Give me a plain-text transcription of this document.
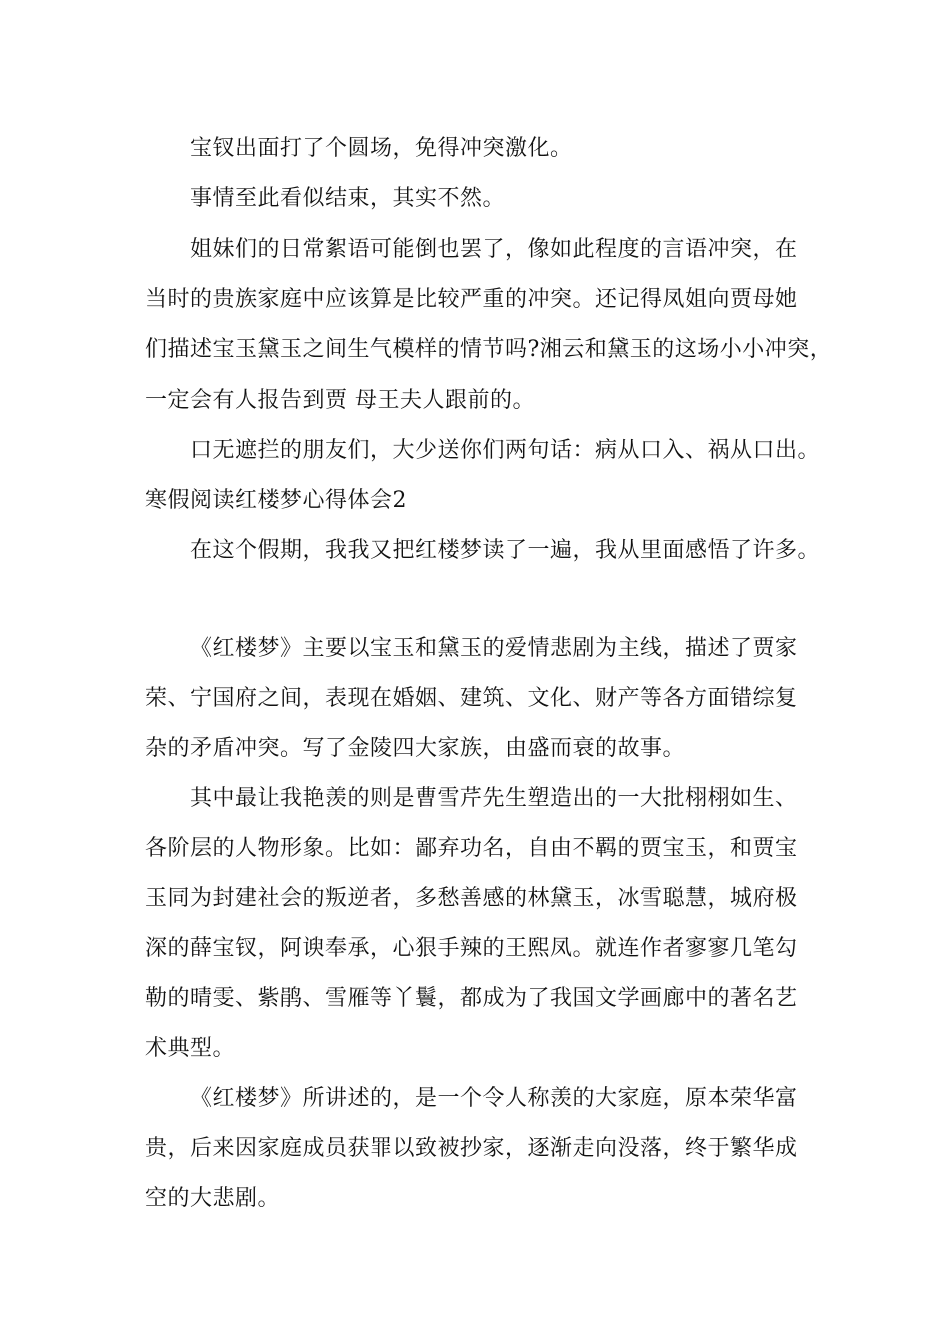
宝钗出面打了个圆场，免得冲突激化。

事情至此看似结束，其实不然。

姐妹们的日常絮语可能倒也罢了，像如此程度的言语冲突，在

当时的贵族家庭中应该算是比较严重的冲突。还记得凤姐向贾母她

们描述宝玉黛玉之间生气模样的情节吗?湘云和黛玉的这场小小冲突，

一定会有人报告到贾 母王夫人跟前的。

口无遮拦的朋友们，大少送你们两句话：病从口入、祸从口出。

寒假阅读红楼梦心得体会2

在这个假期，我我又把红楼梦读了一遍，我从里面感悟了许多。

《红楼梦》主要以宝玉和黛玉的爱情悲剧为主线，描述了贾家

荣、宁国府之间，表现在婚姻、建筑、文化、财产等各方面错综复

杂的矛盾冲突。写了金陵四大家族，由盛而衰的故事。

其中最让我艳羡的则是曹雪芹先生塑造出的一大批栩栩如生、

各阶层的人物形象。比如：鄙弃功名，自由不羁的贾宝玉，和贾宝

玉同为封建社会的叛逆者，多愁善感的林黛玉，冰雪聪慧，城府极

深的薛宝钗，阿谀奉承，心狠手辣的王熙凤。就连作者寥寥几笔勾

勒的晴雯、紫鹃、雪雁等丫鬟，都成为了我国文学画廊中的著名艺

术典型。

《红楼梦》所讲述的，是一个令人称羡的大家庭，原本荣华富

贵，后来因家庭成员获罪以致被抄家，逐渐走向没落，终于繁华成

空的大悲剧。
